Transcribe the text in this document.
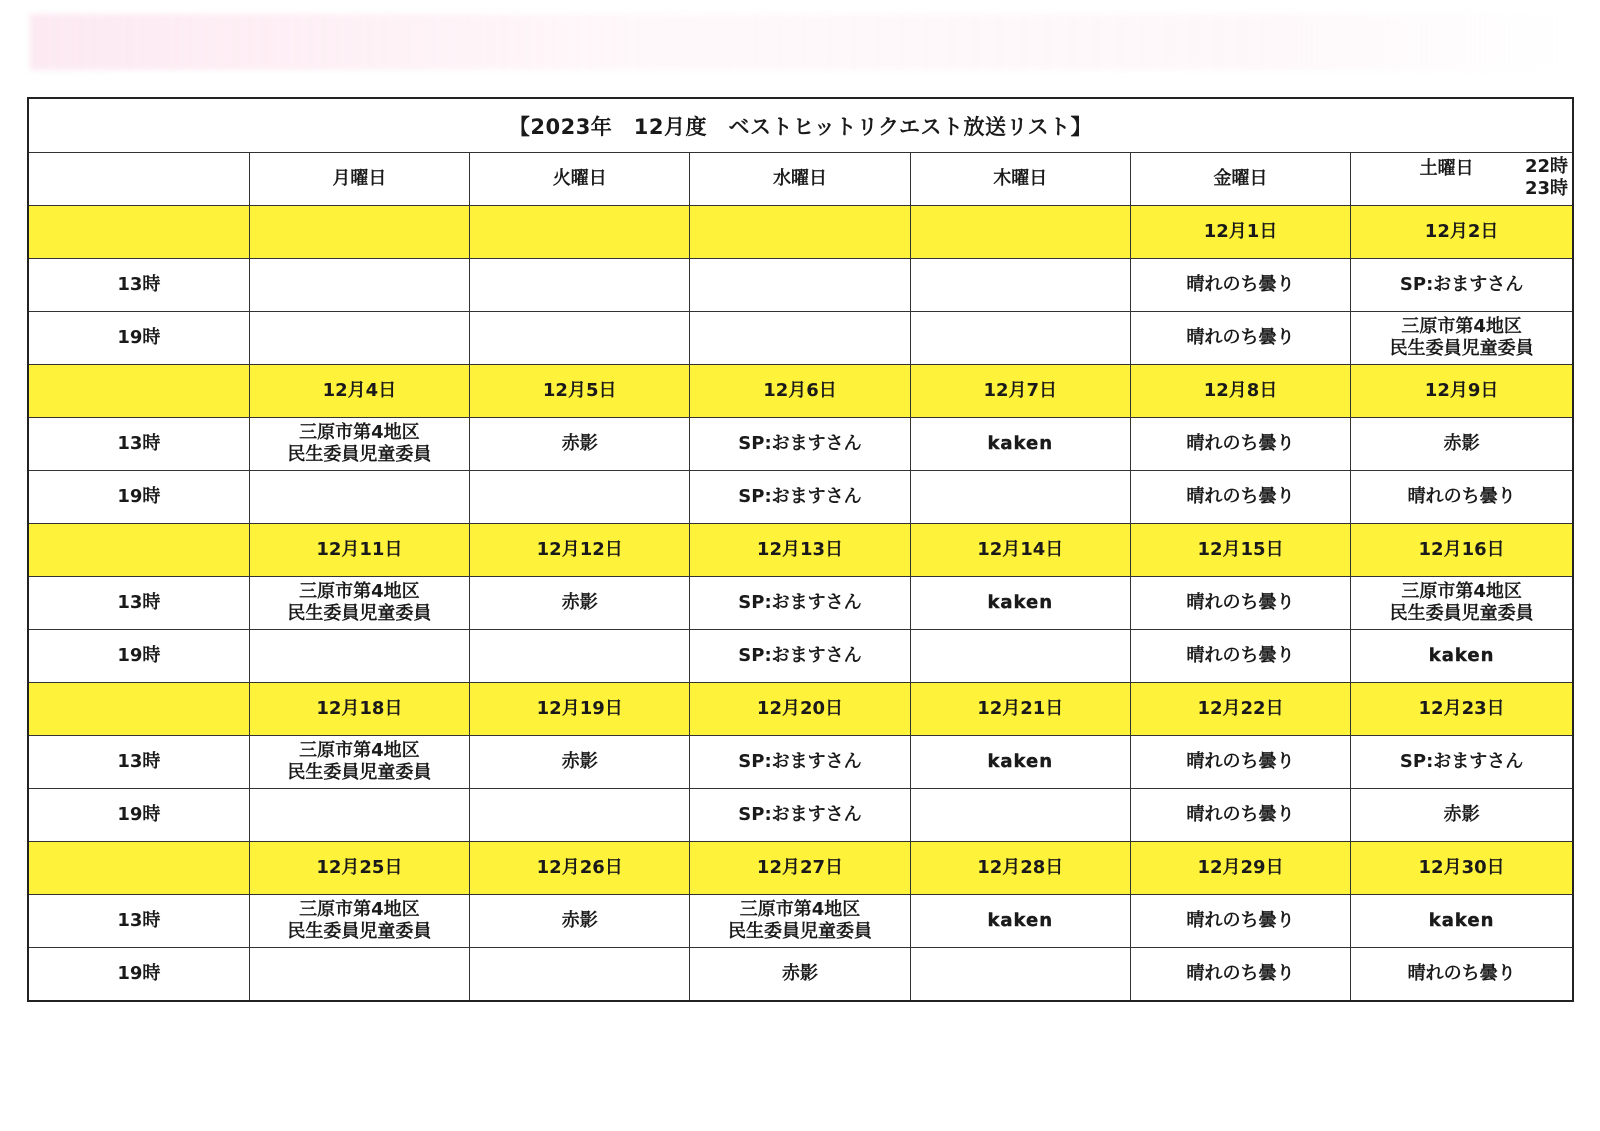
【2023年　12月度　ベストヒットリクエスト放送リスト】
	月曜日	火曜日	水曜日	木曜日	金曜日	土曜日 22時
23時

					12月1日	12月2日
13時					晴れのち曇り	SP:おますさん
19時					晴れのち曇り	三原市第4地区
民生委員児童委員

	12月4日	12月5日	12月6日	12月7日	12月8日	12月9日
13時	三原市第4地区
民生委員児童委員	赤影	SP:おますさん	kaken	晴れのち曇り	赤影
19時			SP:おますさん		晴れのち曇り	晴れのち曇り
	12月11日	12月12日	12月13日	12月14日	12月15日	12月16日
13時	三原市第4地区
民生委員児童委員	赤影	SP:おますさん	kaken	晴れのち曇り	三原市第4地区
民生委員児童委員

19時			SP:おますさん		晴れのち曇り	kaken
	12月18日	12月19日	12月20日	12月21日	12月22日	12月23日
13時	三原市第4地区
民生委員児童委員	赤影	SP:おますさん	kaken	晴れのち曇り	SP:おますさん
19時			SP:おますさん		晴れのち曇り	赤影
	12月25日	12月26日	12月27日	12月28日	12月29日	12月30日
13時	三原市第4地区
民生委員児童委員	赤影	三原市第4地区
民生委員児童委員	kaken	晴れのち曇り	kaken
19時			赤影		晴れのち曇り	晴れのち曇り
